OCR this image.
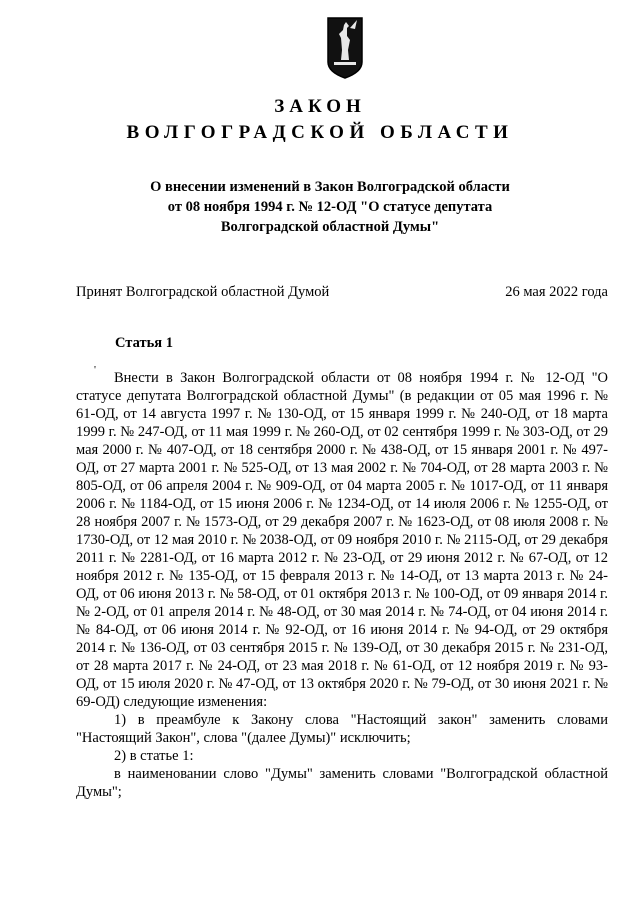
ЗАКОН
ВОЛГОГРАДСКОЙ ОБЛАСТИ
О внесении изменений в Закон Волгоградской области
от 08 ноября 1994 г. № 12-ОД "О статусе депутата
Волгоградской областной Думы"
Принят Волгоградской областной Думой	26 мая 2022 года
Статья 1
'	Внести в Закон Волгоградской области от 08 ноября 1994 г. № 12-ОД "О статусе депутата Волгоградской областной Думы" (в редакции от 05 мая 1996 г. № 61-ОД, от 14 августа 1997 г. № 130-ОД, от 15 января 1999 г. № 240-ОД, от 18 марта 1999 г. № 247-ОД, от 11 мая 1999 г. № 260-ОД, от 02 сентября 1999 г. № 303-ОД, от 29 мая 2000 г. № 407-ОД, от 18 сентября 2000 г. № 438-ОД, от 15 января 2001 г. № 497-ОД, от 27 марта 2001 г. № 525-ОД, от 13 мая 2002 г. № 704-ОД, от 28 марта 2003 г. № 805-ОД, от 06 апреля 2004 г. № 909-ОД, от 04 марта 2005 г. № 1017-ОД, от 11 января 2006 г. № 1184-ОД, от 15 июня 2006 г. № 1234-ОД, от 14 июля 2006 г. № 1255-ОД, от 28 ноября 2007 г. № 1573-ОД, от 29 декабря 2007 г. № 1623-ОД, от 08 июля 2008 г. № 1730-ОД, от 12 мая 2010 г. № 2038-ОД, от 09 ноября 2010 г. № 2115-ОД, от 29 декабря 2011 г. № 2281-ОД, от 16 марта 2012 г. № 23-ОД, от 29 июня 2012 г. № 67-ОД, от 12 ноября 2012 г. № 135-ОД, от 15 февраля 2013 г. № 14-ОД, от 13 марта 2013 г. № 24-ОД, от 06 июня 2013 г. № 58-ОД, от 01 октября 2013 г. № 100-ОД, от 09 января 2014 г. № 2-ОД, от 01 апреля 2014 г. № 48-ОД, от 30 мая 2014 г. № 74-ОД, от 04 июня 2014 г. № 84-ОД, от 06 июня 2014 г. № 92-ОД, от 16 июня 2014 г. № 94-ОД, от 29 октября 2014 г. № 136-ОД, от 03 сентября 2015 г. № 139-ОД, от 30 декабря 2015 г. № 231-ОД, от 28 марта 2017 г. № 24-ОД, от 23 мая 2018 г. № 61-ОД, от 12 ноября 2019 г. № 93-ОД, от 15 июля 2020 г. № 47-ОД, от 13 октября 2020 г. № 79-ОД, от 30 июня 2021 г. № 69-ОД) следующие изменения:

1) в преамбуле к Закону слова "Настоящий закон" заменить словами "Настоящий Закон", слова "(далее Думы)" исключить;

2) в статье 1:

в наименовании слово "Думы" заменить словами "Волгоградской областной Думы";
